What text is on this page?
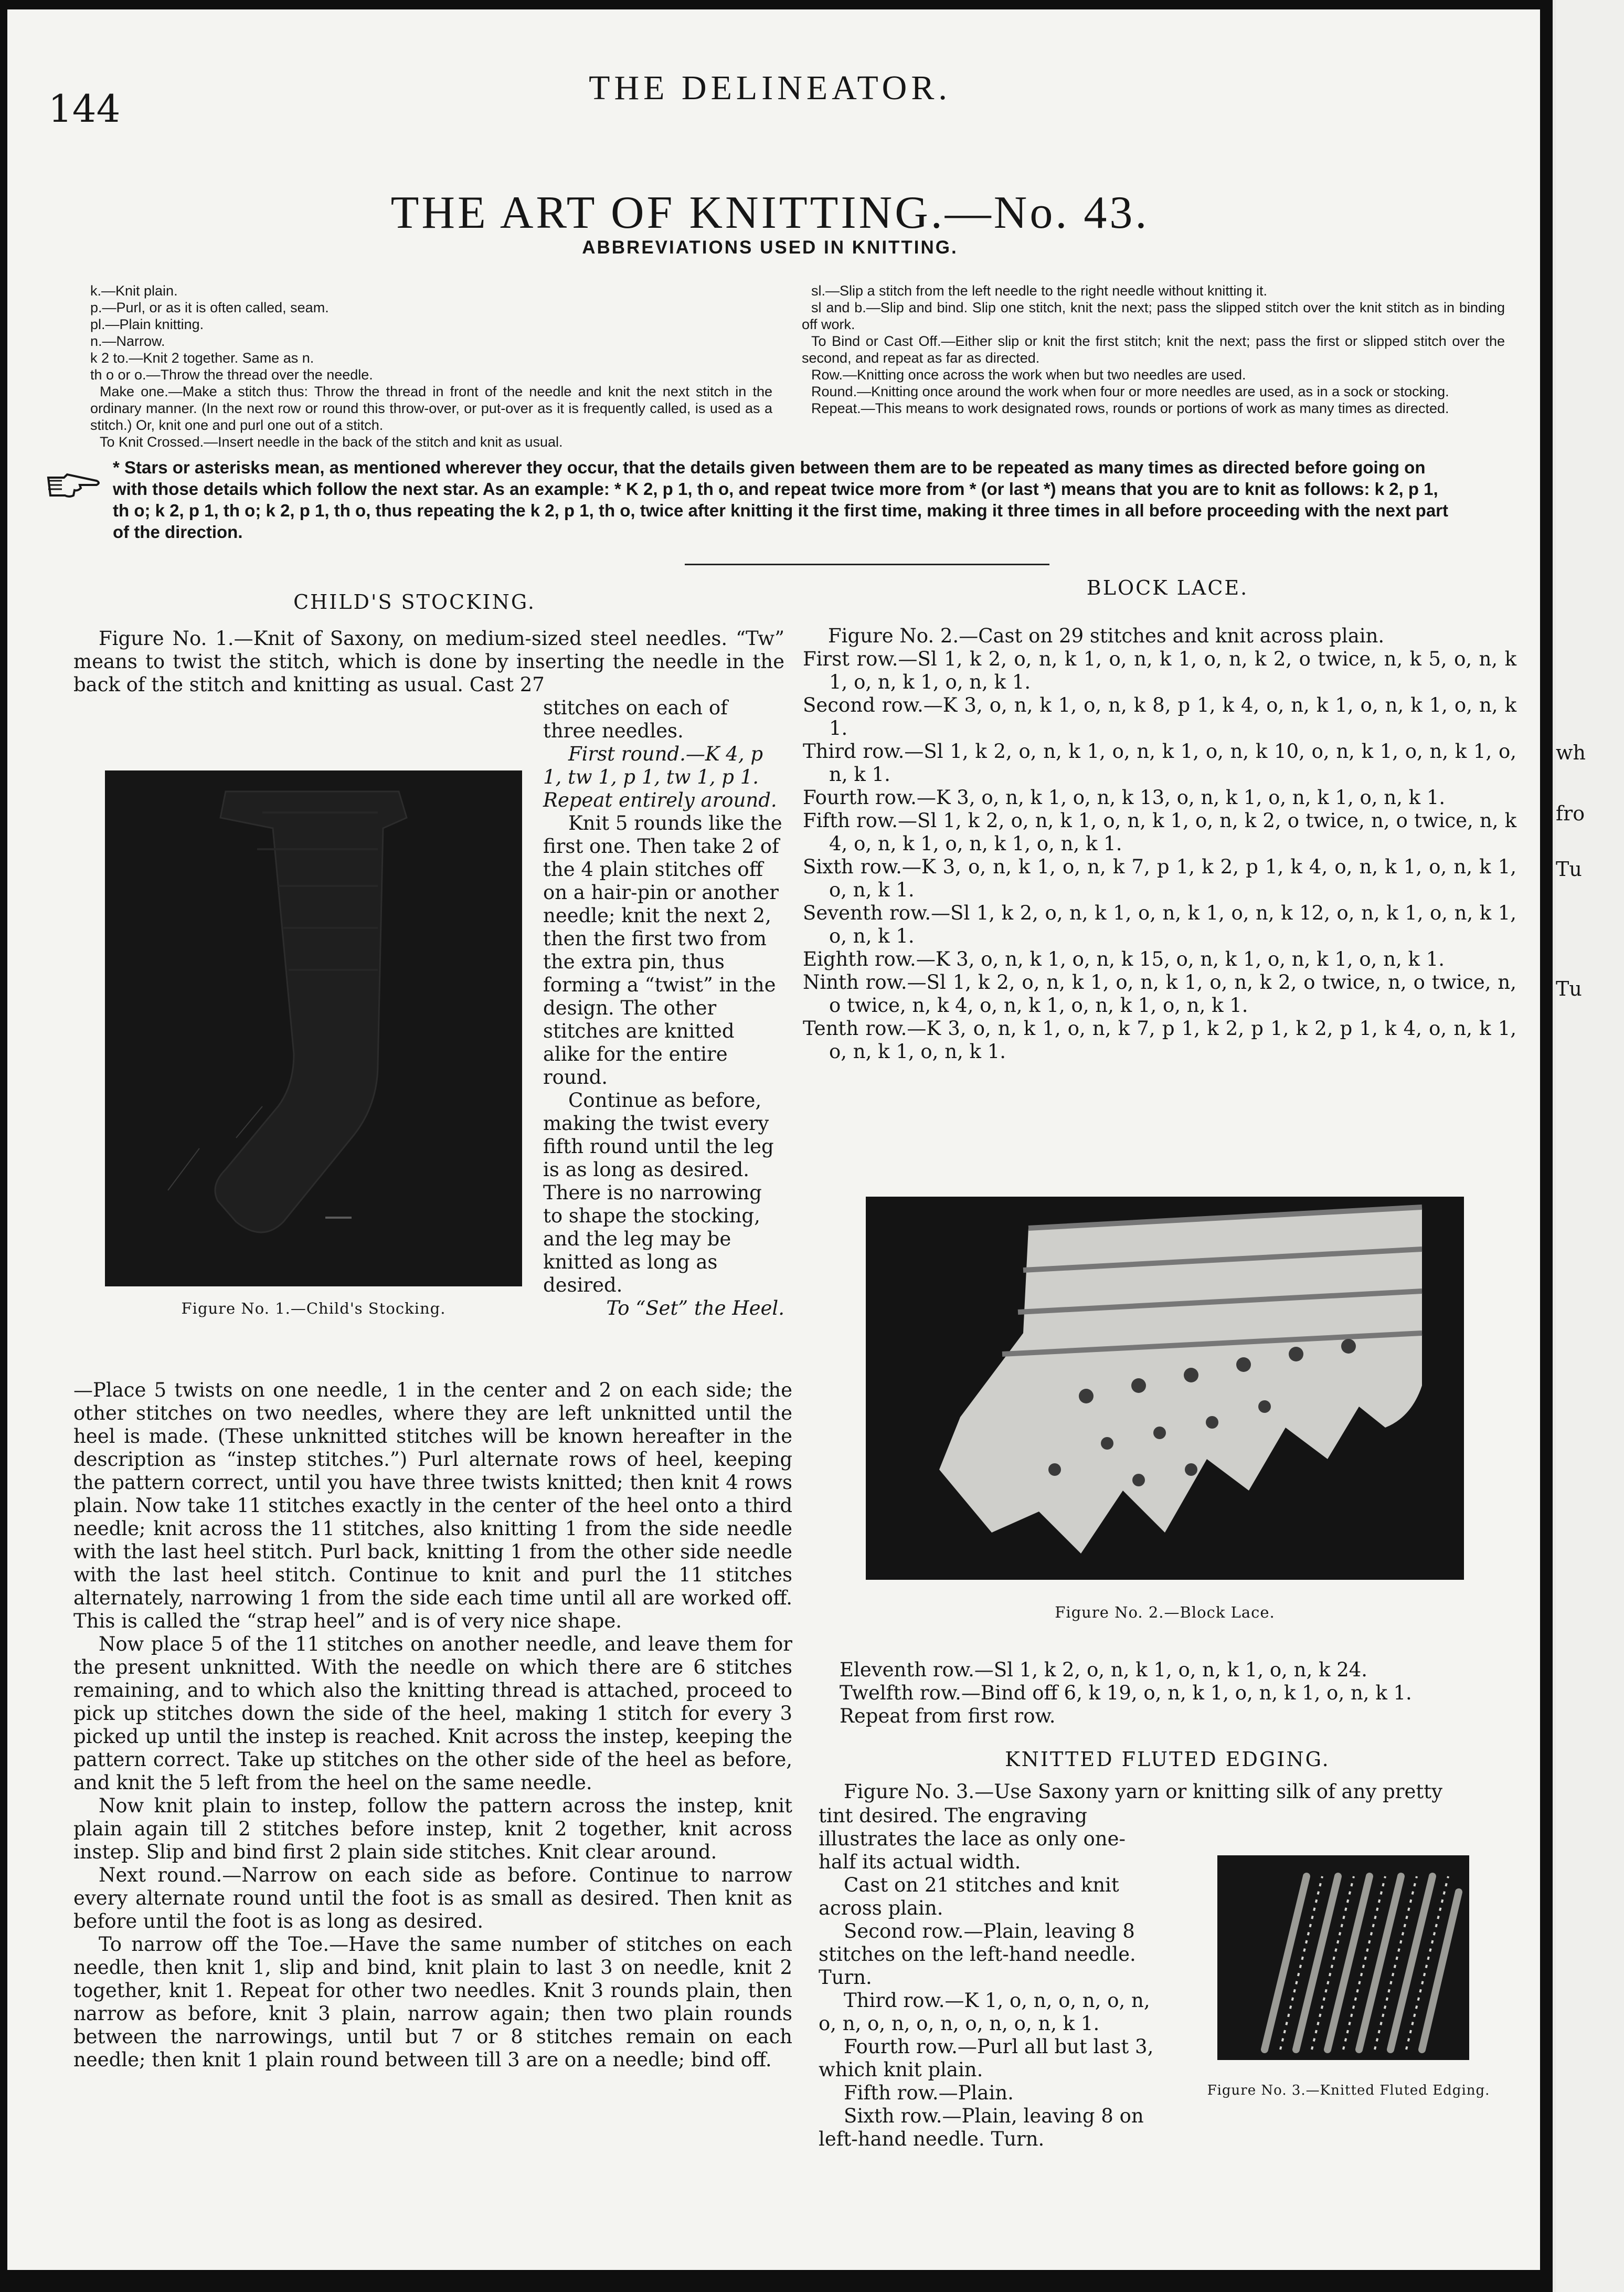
144	THE DELINEATOR.
THE ART OF KNITTING.—No. 43.
ABBREVIATIONS USED IN KNITTING.

k.—Knit plain.

p.—Purl, or as it is often called, seam.

pl.—Plain knitting.

n.—Narrow.

k 2 to.—Knit 2 together. Same as n.

th o or o.—Throw the thread over the needle.

Make one.—Make a stitch thus: Throw the thread in front of the needle and knit the next stitch in the ordinary manner. (In the next row or round this throw-over, or put-over as it is frequently called, is used as a stitch.) Or, knit one and purl one out of a stitch.

To Knit Crossed.—Insert needle in the back of the stitch and knit as usual.

sl.—Slip a stitch from the left needle to the right needle without knitting it.

sl and b.—Slip and bind. Slip one stitch, knit the next; pass the slipped stitch over the knit stitch as in binding off work.

To Bind or Cast Off.—Either slip or knit the first stitch; knit the next; pass the first or slipped stitch over the second, and repeat as far as directed.

Row.—Knitting once across the work when but two needles are used.

Round.—Knitting once around the work when four or more needles are used, as in a sock or stocking.

Repeat.—This means to work designated rows, rounds or portions of work as many times as directed.

* Stars or asterisks mean, as mentioned wherever they occur, that the details given between them are to be repeated as many times as directed before going on with those details which follow the next star. As an example: * K 2, p 1, th o, and repeat twice more from * (or last *) means that you are to knit as follows: k 2, p 1, th o; k 2, p 1, th o; k 2, p 1, th o, thus repeating the k 2, p 1, th o, twice after knitting it the first time, making it three times in all before proceeding with the next part of the direction.
CHILD'S STOCKING.

Figure No. 1.—Knit of Saxony, on medium-sized steel needles. “Tw” means to twist the stitch, which is done by inserting the needle in the back of the stitch and knitting as usual. Cast 27

Figure No. 1.—Child's Stocking.

stitches on each of three needles.

First round.—K 4, p 1, tw 1, p 1, tw 1, p 1. Repeat entirely around.

Knit 5 rounds like the first one. Then take 2 of the 4 plain stitches off on a hair-pin or another needle; knit the next 2, then the first two from the extra pin, thus forming a “twist” in the design. The other stitches are knitted alike for the entire round.

Continue as before, making the twist every fifth round until the leg is as long as desired. There is no narrowing to shape the stocking, and the leg may be knitted as long as desired.

To “Set” the Heel.

—Place 5 twists on one needle, 1 in the center and 2 on each side; the other stitches on two needles, where they are left unknitted until the heel is made. (These unknitted stitches will be known hereafter in the description as “instep stitches.”) Purl alternate rows of heel, keeping the pattern correct, until you have three twists knitted; then knit 4 rows plain. Now take 11 stitches exactly in the center of the heel onto a third needle; knit across the 11 stitches, also knitting 1 from the side needle with the last heel stitch. Purl back, knitting 1 from the other side needle with the last heel stitch. Continue to knit and purl the 11 stitches alternately, narrowing 1 from the side each time until all are worked off. This is called the “strap heel” and is of very nice shape.

Now place 5 of the 11 stitches on another needle, and leave them for the present unknitted. With the needle on which there are 6 stitches remaining, and to which also the knitting thread is attached, proceed to pick up stitches down the side of the heel, making 1 stitch for every 3 picked up until the instep is reached. Knit across the instep, keeping the pattern correct. Take up stitches on the other side of the heel as before, and knit the 5 left from the heel on the same needle.

Now knit plain to instep, follow the pattern across the instep, knit plain again till 2 stitches before instep, knit 2 together, knit across instep. Slip and bind first 2 plain side stitches. Knit clear around.

Next round.—Narrow on each side as before. Continue to narrow every alternate round until the foot is as small as desired. Then knit as before until the foot is as long as desired.

To narrow off the Toe.—Have the same number of stitches on each needle, then knit 1, slip and bind, knit plain to last 3 on needle, knit 2 together, knit 1. Repeat for other two needles. Knit 3 rounds plain, then narrow as before, knit 3 plain, narrow again; then two plain rounds between the narrowings, until but 7 or 8 stitches remain on each needle; then knit 1 plain round between till 3 are on a needle; bind off.

BLOCK LACE.

Figure No. 2.—Cast on 29 stitches and knit across plain.

First row.—Sl 1, k 2, o, n, k 1, o, n, k 1, o, n, k 2, o twice, n, k 5, o, n, k 1, o, n, k 1, o, n, k 1.

Second row.—K 3, o, n, k 1, o, n, k 8, p 1, k 4, o, n, k 1, o, n, k 1, o, n, k 1.

Third row.—Sl 1, k 2, o, n, k 1, o, n, k 1, o, n, k 10, o, n, k 1, o, n, k 1, o, n, k 1.

Fourth row.—K 3, o, n, k 1, o, n, k 13, o, n, k 1, o, n, k 1, o, n, k 1.

Fifth row.—Sl 1, k 2, o, n, k 1, o, n, k 1, o, n, k 2, o twice, n, o twice, n, k 4, o, n, k 1, o, n, k 1, o, n, k 1.

Sixth row.—K 3, o, n, k 1, o, n, k 7, p 1, k 2, p 1, k 4, o, n, k 1, o, n, k 1, o, n, k 1.

Seventh row.—Sl 1, k 2, o, n, k 1, o, n, k 1, o, n, k 12, o, n, k 1, o, n, k 1, o, n, k 1.

Eighth row.—K 3, o, n, k 1, o, n, k 15, o, n, k 1, o, n, k 1, o, n, k 1.

Ninth row.—Sl 1, k 2, o, n, k 1, o, n, k 1, o, n, k 2, o twice, n, o twice, n, o twice, n, k 4, o, n, k 1, o, n, k 1, o, n, k 1.

Tenth row.—K 3, o, n, k 1, o, n, k 7, p 1, k 2, p 1, k 2, p 1, k 4, o, n, k 1, o, n, k 1, o, n, k 1.

Figure No. 2.—Block Lace.

Eleventh row.—Sl 1, k 2, o, n, k 1, o, n, k 1, o, n, k 24.

Twelfth row.—Bind off 6, k 19, o, n, k 1, o, n, k 1, o, n, k 1.

Repeat from first row.

KNITTED FLUTED EDGING.

Figure No. 3.—Use Saxony yarn or knitting silk of any pretty

tint desired. The engraving illustrates the lace as only one-half its actual width.

Cast on 21 stitches and knit across plain.

Second row.—Plain, leaving 8 stitches on the left-hand needle. Turn.

Third row.—K 1, o, n, o, n, o, n, o, n, o, n, o, n, o, n, o, n, k 1.

Fourth row.—Purl all but last 3, which knit plain.

Fifth row.—Plain.

Sixth row.—Plain, leaving 8 on left-hand needle. Turn.

Figure No. 3.—Knitted Fluted Edging.
wh
fro
Tu
Tu
